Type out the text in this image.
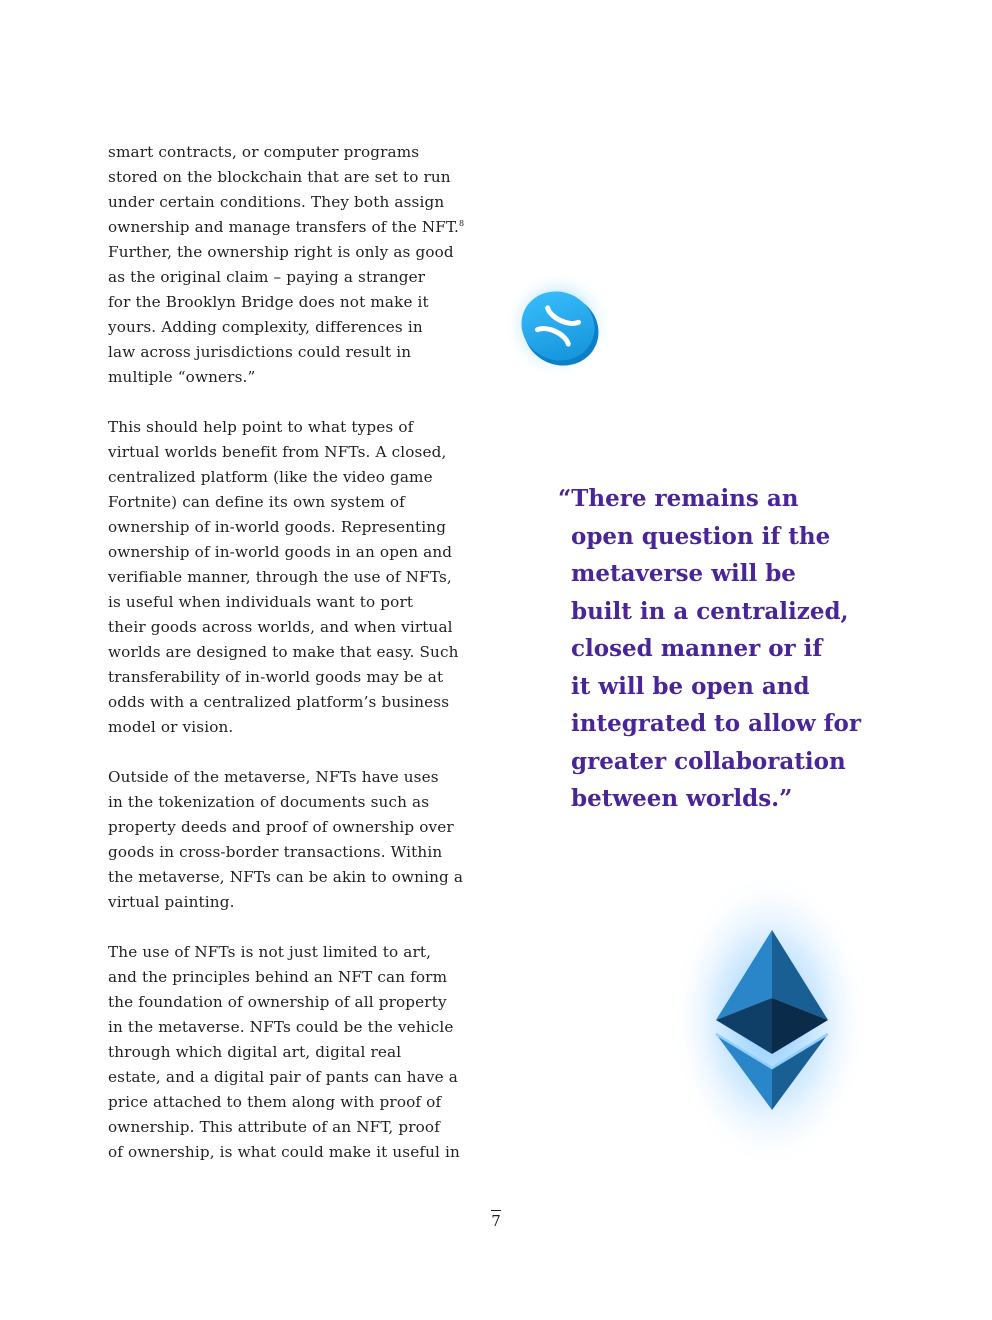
smart contracts, or computer programs
stored on the blockchain that are set to run
under certain conditions. They both assign
ownership and manage transfers of the NFT.$^8$
Further, the ownership right is only as good
as the original claim – paying a stranger
for the Brooklyn Bridge does not make it
yours. Adding complexity, differences in
law across jurisdictions could result in
multiple “owners.”

This should help point to what types of
virtual worlds benefit from NFTs. A closed,
centralized platform (like the video game
Fortnite) can define its own system of
ownership of in-world goods. Representing
ownership of in-world goods in an open and
verifiable manner, through the use of NFTs,
is useful when individuals want to port
their goods across worlds, and when virtual
worlds are designed to make that easy. Such
transferability of in-world goods may be at
odds with a centralized platform’s business
model or vision.

Outside of the metaverse, NFTs have uses
in the tokenization of documents such as
property deeds and proof of ownership over
goods in cross-border transactions. Within
the metaverse, NFTs can be akin to owning a
virtual painting.

The use of NFTs is not just limited to art,
and the principles behind an NFT can form
the foundation of ownership of all property
in the metaverse. NFTs could be the vehicle
through which digital art, digital real
estate, and a digital pair of pants can have a
price attached to them along with proof of
ownership. This attribute of an NFT, proof
of ownership, is what could make it useful in

“There remains an
open question if the
metaverse will be
built in a centralized,
closed manner or if
it will be open and
integrated to allow for
greater collaboration
between worlds.”
7
